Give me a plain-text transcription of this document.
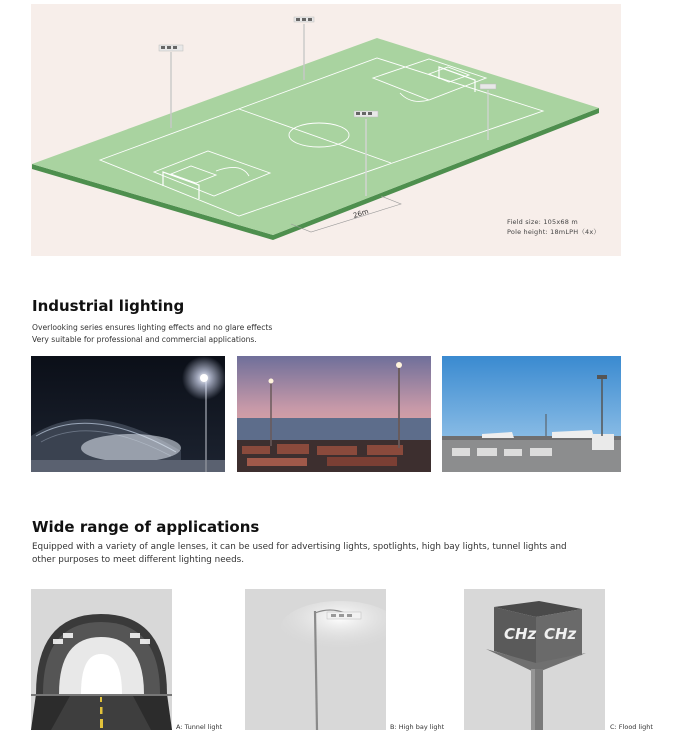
26m
Field size: 105x68 m
Pole height: 18mLPH（4x）
Industrial lighting
Overlooking series ensures lighting effects and no glare effects
Very suitable for professional and commercial applications.
Wide range of applications
Equipped with a variety of angle lenses, it can be used for advertising lights, spotlights, high bay lights, tunnel lights and other purposes to meet different lighting needs.
A: Tunnel light	B: High bay light
CHz CHz
C: Flood light
